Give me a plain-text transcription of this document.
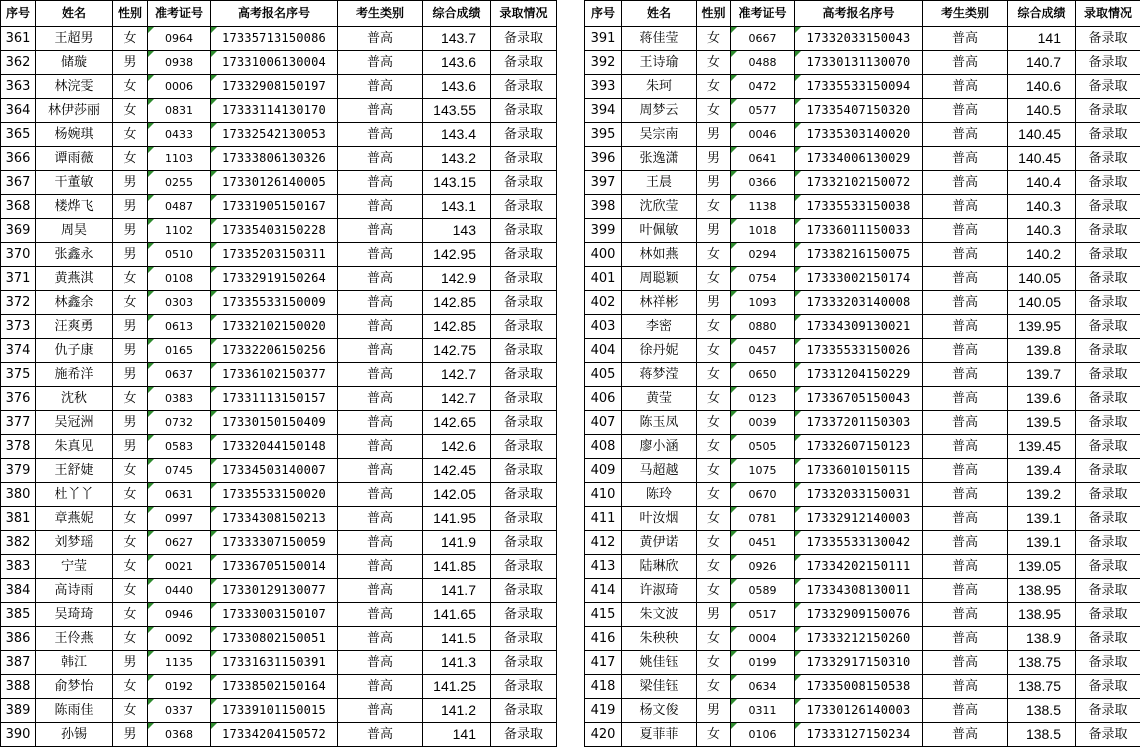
序号	姓名	性别	准考证号	高考报名序号	考生类别	综合成绩	录取情况
361	王超男	女	0964	17335713150086	普高	143.7	备录取
362	储璇	男	0938	17331006130004	普高	143.6	备录取
363	林浣雯	女	0006	17332908150197	普高	143.6	备录取
364	林伊莎丽	女	0831	17333114130170	普高	143.55	备录取
365	杨婉琪	女	0433	17332542130053	普高	143.4	备录取
366	谭雨薇	女	1103	17333806130326	普高	143.2	备录取
367	干董敏	男	0255	17330126140005	普高	143.15	备录取
368	楼烨飞	男	0487	17331905150167	普高	143.1	备录取
369	周昊	男	1102	17335403150228	普高	143	备录取
370	张鑫永	男	0510	17335203150311	普高	142.95	备录取
371	黄燕淇	女	0108	17332919150264	普高	142.9	备录取
372	林鑫余	女	0303	17335533150009	普高	142.85	备录取
373	汪爽勇	男	0613	17332102150020	普高	142.85	备录取
374	仇子康	男	0165	17332206150256	普高	142.75	备录取
375	施希洋	男	0637	17336102150377	普高	142.7	备录取
376	沈秋	女	0383	17331113150157	普高	142.7	备录取
377	吴冠洲	男	0732	17330150150409	普高	142.65	备录取
378	朱真见	男	0583	17332044150148	普高	142.6	备录取
379	王舒婕	女	0745	17334503140007	普高	142.45	备录取
380	杜丫丫	女	0631	17335533150020	普高	142.05	备录取
381	章燕妮	女	0997	17334308150213	普高	141.95	备录取
382	刘梦瑶	女	0627	17333307150059	普高	141.9	备录取
383	宁莹	女	0021	17336705150014	普高	141.85	备录取
384	高诗雨	女	0440	17330129130077	普高	141.7	备录取
385	吴琦琦	女	0946	17333003150107	普高	141.65	备录取
386	王伶燕	女	0092	17330802150051	普高	141.5	备录取
387	韩江	男	1135	17331631150391	普高	141.3	备录取
388	俞梦怡	女	0192	17338502150164	普高	141.25	备录取
389	陈雨佳	女	0337	17339101150015	普高	141.2	备录取
390	孙锡	男	0368	17334204150572	普高	141	备录取
序号	姓名	性别	准考证号	高考报名序号	考生类别	综合成绩	录取情况
391	蒋佳莹	女	0667	17332033150043	普高	141	备录取
392	王诗瑜	女	0488	17330131130070	普高	140.7	备录取
393	朱珂	女	0472	17335533150094	普高	140.6	备录取
394	周梦云	女	0577	17335407150320	普高	140.5	备录取
395	吴宗南	男	0046	17335303140020	普高	140.45	备录取
396	张逸潇	男	0641	17334006130029	普高	140.45	备录取
397	王晨	男	0366	17332102150072	普高	140.4	备录取
398	沈欣莹	女	1138	17335533150038	普高	140.3	备录取
399	叶佩敏	男	1018	17336011150033	普高	140.3	备录取
400	林如燕	女	0294	17338216150075	普高	140.2	备录取
401	周聪颖	女	0754	17333002150174	普高	140.05	备录取
402	林祥彬	男	1093	17333203140008	普高	140.05	备录取
403	李密	女	0880	17334309130021	普高	139.95	备录取
404	徐丹妮	女	0457	17335533150026	普高	139.8	备录取
405	蒋梦滢	女	0650	17331204150229	普高	139.7	备录取
406	黄莹	女	0123	17336705150043	普高	139.6	备录取
407	陈玉凤	女	0039	17337201150303	普高	139.5	备录取
408	廖小涵	女	0505	17332607150123	普高	139.45	备录取
409	马超越	女	1075	17336010150115	普高	139.4	备录取
410	陈玲	女	0670	17332033150031	普高	139.2	备录取
411	叶汝烟	女	0781	17332912140003	普高	139.1	备录取
412	黄伊诺	女	0451	17335533130042	普高	139.1	备录取
413	陆琳欣	女	0926	17334202150111	普高	139.05	备录取
414	许淑琦	女	0589	17334308130011	普高	138.95	备录取
415	朱文波	男	0517	17332909150076	普高	138.95	备录取
416	朱秧秧	女	0004	17333212150260	普高	138.9	备录取
417	姚佳钰	女	0199	17332917150310	普高	138.75	备录取
418	梁佳钰	女	0634	17335008150538	普高	138.75	备录取
419	杨文俊	男	0311	17330126140003	普高	138.5	备录取
420	夏菲菲	女	0106	17333127150234	普高	138.5	备录取
